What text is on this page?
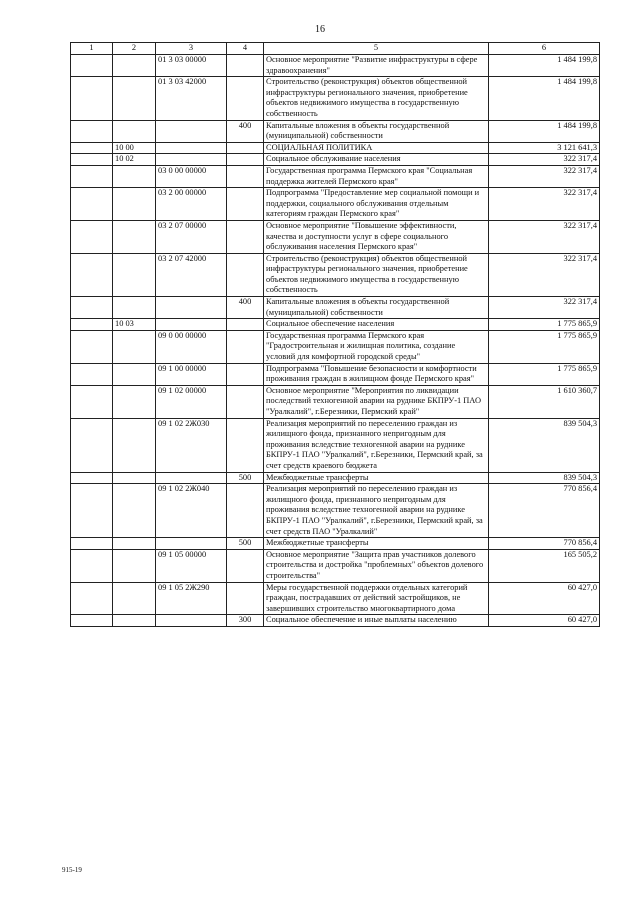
16
1	2	3	4	5	6
		01 3 03 00000		Основное мероприятие "Развитие инфраструктуры в сфере здравоохранения"	1 484 199,8
		01 3 03 42000		Строительство (реконструкция) объектов общественной инфраструктуры регионального значения, приобретение объектов недвижимого имущества в государственную собственность	1 484 199,8
			400	Капитальные вложения в объекты государственной (муниципальной) собственности	1 484 199,8
	10 00			СОЦИАЛЬНАЯ ПОЛИТИКА	3 121 641,3
	10 02			Социальное обслуживание населения	322 317,4
		03 0 00 00000		Государственная программа Пермского края "Социальная поддержка жителей Пермского края"	322 317,4
		03 2 00 00000		Подпрограмма "Предоставление мер социальной помощи и поддержки, социального обслуживания отдельным категориям граждан Пермского края"	322 317,4
		03 2 07 00000		Основное мероприятие "Повышение эффективности, качества и доступности услуг в сфере социального обслуживания населения Пермского края"	322 317,4
		03 2 07 42000		Строительство (реконструкция) объектов общественной инфраструктуры регионального значения, приобретение объектов недвижимого имущества в государственную собственность	322 317,4
			400	Капитальные вложения в объекты государственной (муниципальной) собственности	322 317,4
	10 03			Социальное обеспечение населения	1 775 865,9
		09 0 00 00000		Государственная программа Пермского края "Градостроительная и жилищная политика, создание условий для комфортной городской среды"	1 775 865,9
		09 1 00 00000		Подпрограмма "Повышение безопасности и комфортности проживания граждан в жилищном фонде Пермского края"	1 775 865,9
		09 1 02 00000		Основное мероприятие "Мероприятия по ликвидации последствий техногенной аварии на руднике БКПРУ-1 ПАО "Уралкалий", г.Березники, Пермский край"	1 610 360,7
		09 1 02 2Ж030		Реализация мероприятий по переселению граждан из жилищного фонда, признанного непригодным для проживания вследствие техногенной аварии на руднике БКПРУ-1 ПАО "Уралкалий", г.Березники, Пермский край, за счет средств краевого бюджета	839 504,3
			500	Межбюджетные трансферты	839 504,3
		09 1 02 2Ж040		Реализация мероприятий по переселению граждан из жилищного фонда, признанного непригодным для проживания вследствие техногенной аварии на руднике БКПРУ-1 ПАО "Уралкалий", г.Березники, Пермский край, за счет средств ПАО "Уралкалий"	770 856,4
			500	Межбюджетные трансферты	770 856,4
		09 1 05 00000		Основное мероприятие "Защита прав участников долевого строительства и достройка "проблемных" объектов долевого строительства"	165 505,2
		09 1 05 2Ж290		Меры государственной поддержки отдельных категорий граждан, пострадавших от действий застройщиков, не завершивших строительство многоквартирного дома	60 427,0
			300	Социальное обеспечение и иные выплаты населению	60 427,0
915-19
